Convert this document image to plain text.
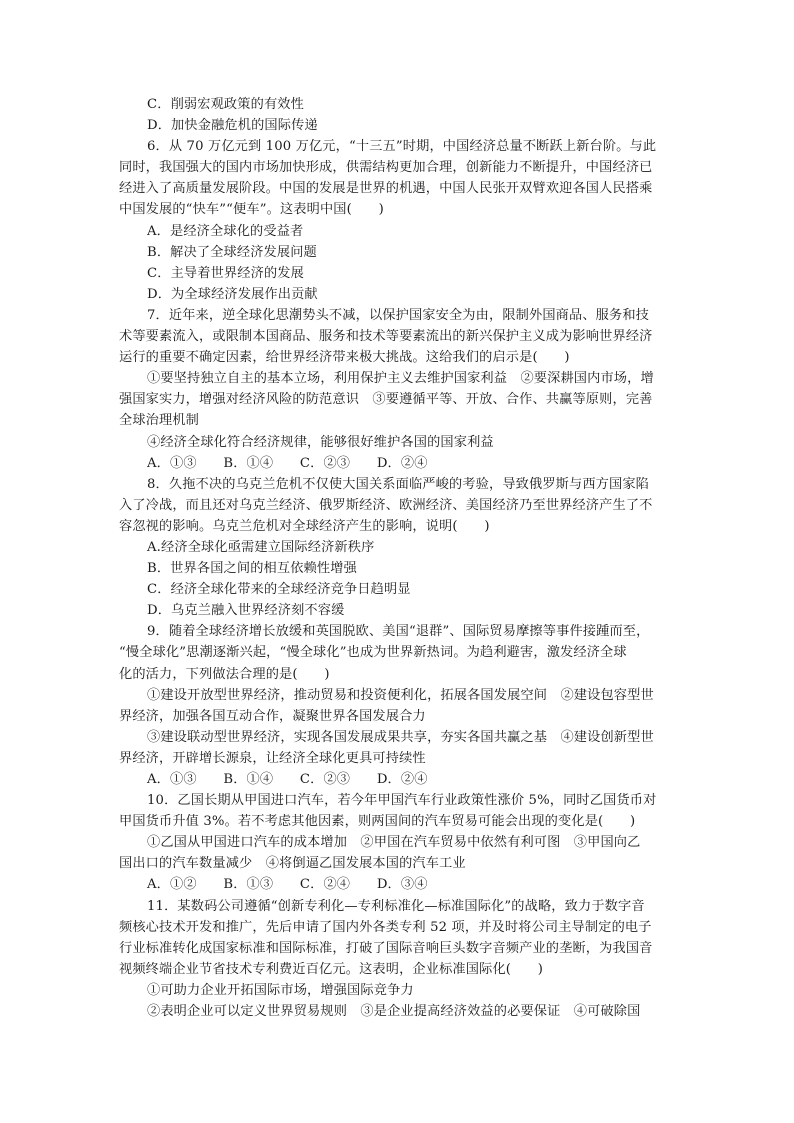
C．削弱宏观政策的有效性
D．加快金融危机的国际传递
6．从 70 万亿元到 100 万亿元，“十三五”时期，中国经济总量不断跃上新台阶。与此
同时，我国强大的国内市场加快形成，供需结构更加合理，创新能力不断提升，中国经济已
经进入了高质量发展阶段。中国的发展是世界的机遇，中国人民张开双臂欢迎各国人民搭乘
中国发展的“快车”“便车”。这表明中国(　　)
A．是经济全球化的受益者
B．解决了全球经济发展问题
C．主导着世界经济的发展
D．为全球经济发展作出贡献
7．近年来，逆全球化思潮势头不减，以保护国家安全为由，限制外国商品、服务和技
术等要素流入，或限制本国商品、服务和技术等要素流出的新兴保护主义成为影响世界经济
运行的重要不确定因素，给世界经济带来极大挑战。这给我们的启示是(　　)
①要坚持独立自主的基本立场，利用保护主义去维护国家利益　②要深耕国内市场，增
强国家实力，增强对经济风险的防范意识　③要遵循平等、开放、合作、共赢等原则，完善
全球治理机制
④经济全球化符合经济规律，能够很好维护各国的国家利益
A．①③　　B．①④　　C．②③　　D．②④
8．久拖不决的乌克兰危机不仅使大国关系面临严峻的考验，导致俄罗斯与西方国家陷
入了冷战，而且还对乌克兰经济、俄罗斯经济、欧洲经济、美国经济乃至世界经济产生了不
容忽视的影响。乌克兰危机对全球经济产生的影响，说明(　　)
A.经济全球化亟需建立国际经济新秩序
B．世界各国之间的相互依赖性增强
C．经济全球化带来的全球经济竞争日趋明显
D．乌克兰融入世界经济刻不容缓
9．随着全球经济增长放缓和英国脱欧、美国“退群”、国际贸易摩擦等事件接踵而至，
“慢全球化”思潮逐渐兴起，“慢全球化”也成为世界新热词。为趋利避害，激发经济全球
化的活力，下列做法合理的是(　　)
①建设开放型世界经济，推动贸易和投资便利化，拓展各国发展空间　②建设包容型世
界经济，加强各国互动合作，凝聚世界各国发展合力
③建设联动型世界经济，实现各国发展成果共享，夯实各国共赢之基　④建设创新型世
界经济，开辟增长源泉，让经济全球化更具可持续性
A．①③　　B．①④　　C．②③　　D．②④
10．乙国长期从甲国进口汽车，若今年甲国汽车行业政策性涨价 5%，同时乙国货币对
甲国货币升值 3%。若不考虑其他因素，则两国间的汽车贸易可能会出现的变化是(　　)
①乙国从甲国进口汽车的成本增加　②甲国在汽车贸易中依然有利可图　③甲国向乙
国出口的汽车数量减少　④将倒逼乙国发展本国的汽车工业
A．①②　　B．①③　　C．②④　　D．③④
11．某数码公司遵循“创新专利化—专利标准化—标准国际化”的战略，致力于数字音
频核心技术开发和推广，先后申请了国内外各类专利 52 项，并及时将公司主导制定的电子
行业标准转化成国家标准和国际标准，打破了国际音响巨头数字音频产业的垄断，为我国音
视频终端企业节省技术专利费近百亿元。这表明，企业标准国际化(　　)
①可助力企业开拓国际市场，增强国际竞争力
②表明企业可以定义世界贸易规则　③是企业提高经济效益的必要保证　④可破除国
